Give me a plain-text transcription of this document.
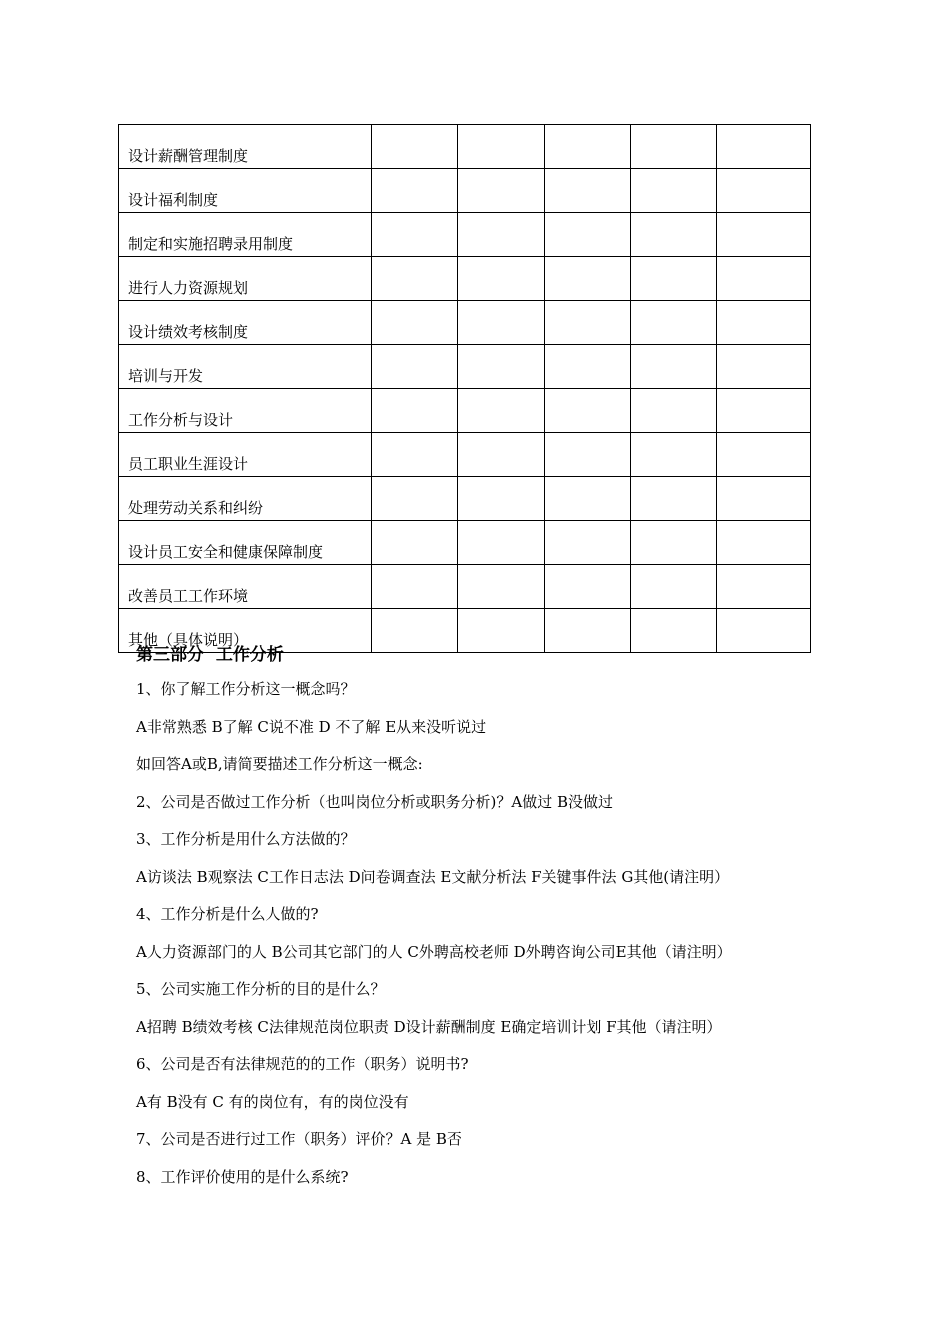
设计薪酬管理制度					
设计福利制度					
制定和实施招聘录用制度					
进行人力资源规划					
设计绩效考核制度					
培训与开发					
工作分析与设计					
员工职业生涯设计					
处理劳动关系和纠纷					
设计员工安全和健康保障制度					
改善员工工作环境					
其他（具体说明）					
第三部分  工作分析
1、你了解工作分析这一概念吗？
A非常熟悉 B了解 C说不准 D 不了解 E从来没听说过
如回答A或B,请简要描述工作分析这一概念:
2、公司是否做过工作分析（也叫岗位分析或职务分析)？A做过 B没做过
3、工作分析是用什么方法做的？
A访谈法 B观察法 C工作日志法 D问卷调查法 E文献分析法 F关键事件法 G其他(请注明）
4、工作分析是什么人做的?
A人力资源部门的人 B公司其它部门的人 C外聘高校老师 D外聘咨询公司E其他（请注明）
5、公司实施工作分析的目的是什么？
A招聘 B绩效考核 C法律规范岗位职责 D设计薪酬制度 E确定培训计划 F其他（请注明）
6、公司是否有法律规范的的工作（职务）说明书?
A有 B没有 C 有的岗位有，有的岗位没有
7、公司是否进行过工作（职务）评价？A 是 B否
8、工作评价使用的是什么系统?
